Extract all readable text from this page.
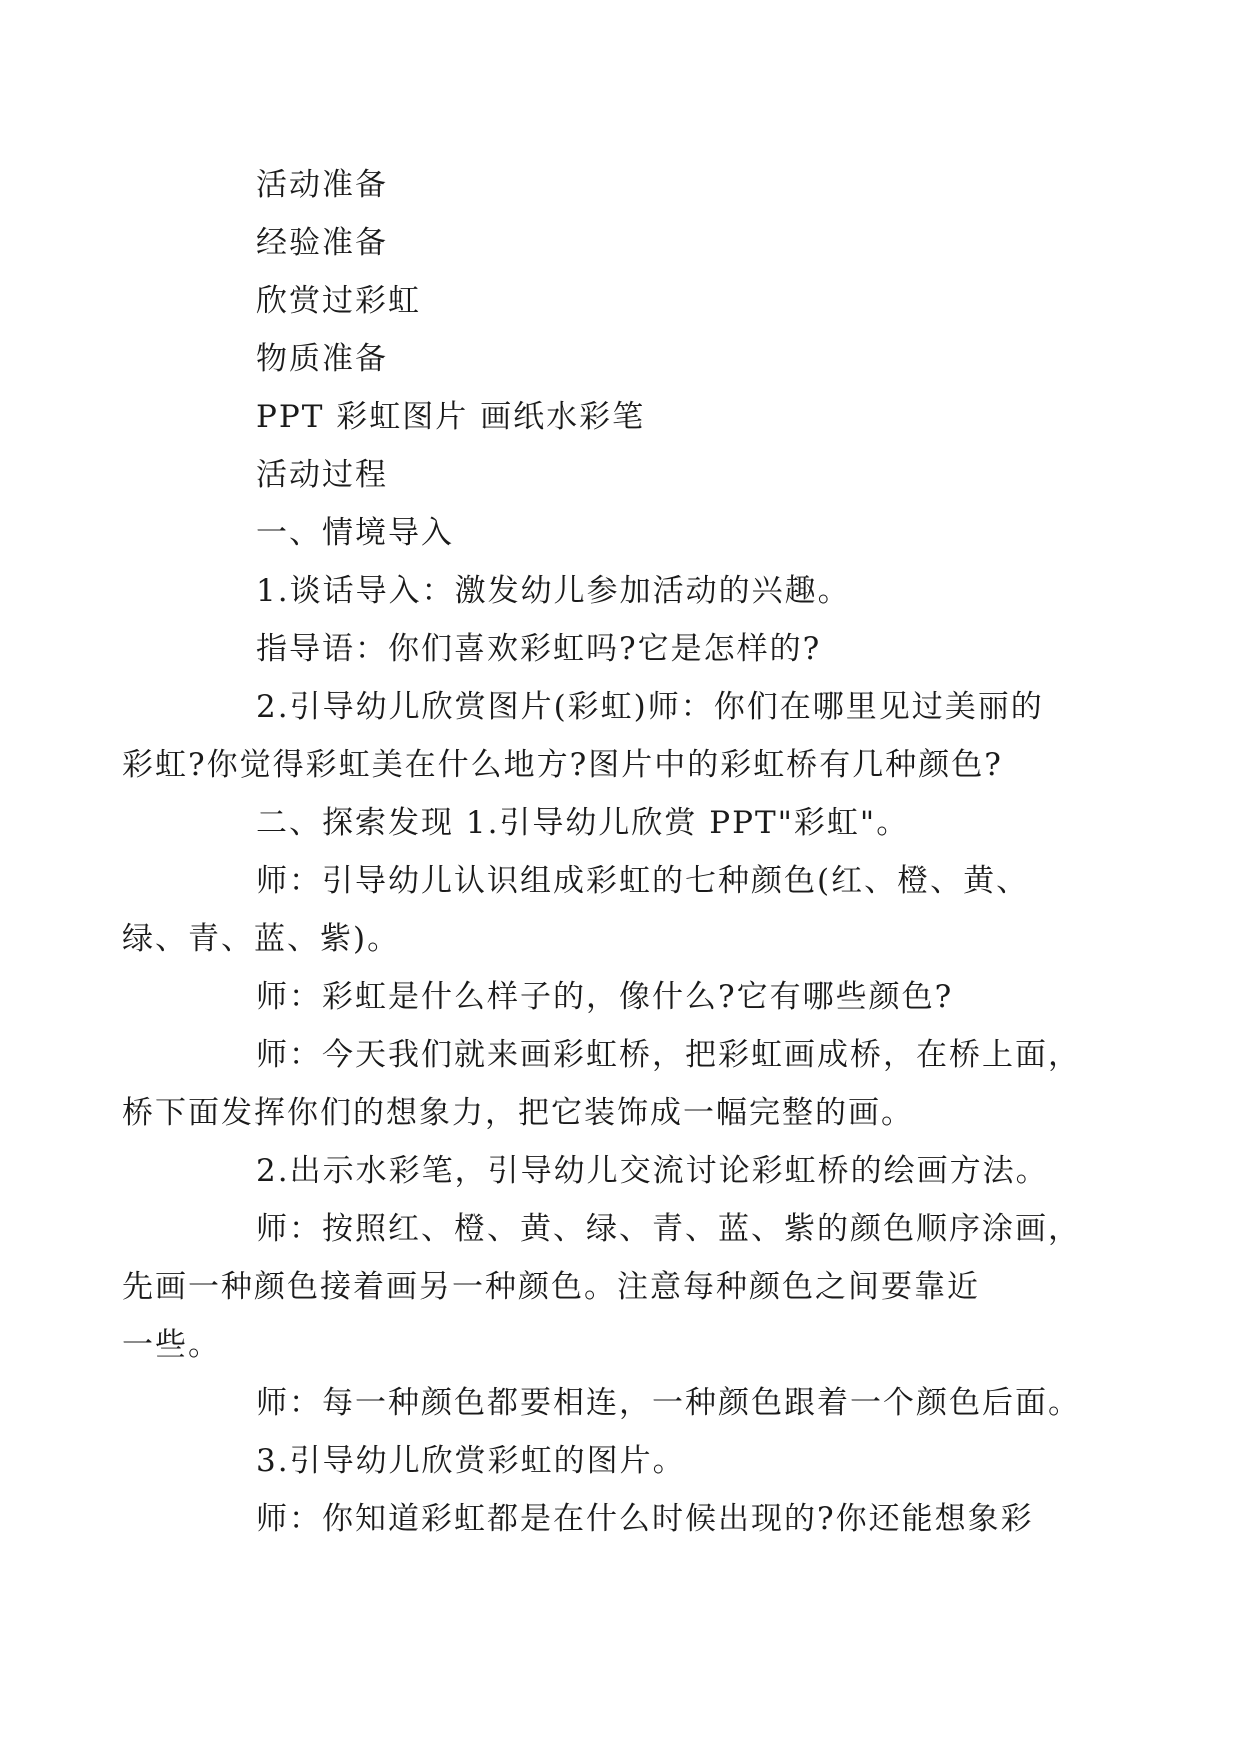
活动准备

经验准备

欣赏过彩虹

物质准备

PPT 彩虹图片 画纸水彩笔

活动过程

一、情境导入

1.谈话导入：激发幼儿参加活动的兴趣。

指导语：你们喜欢彩虹吗?它是怎样的?

2.引导幼儿欣赏图片(彩虹)师：你们在哪里见过美丽的
彩虹?你觉得彩虹美在什么地方?图片中的彩虹桥有几种颜色?

二、探索发现 1.引导幼儿欣赏 PPT"彩虹"。

师：引导幼儿认识组成彩虹的七种颜色(红、橙、黄、
绿、青、蓝、紫)。

师：彩虹是什么样子的，像什么?它有哪些颜色?

师：今天我们就来画彩虹桥，把彩虹画成桥，在桥上面，
桥下面发挥你们的想象力，把它装饰成一幅完整的画。

2.出示水彩笔，引导幼儿交流讨论彩虹桥的绘画方法。

师：按照红、橙、黄、绿、青、蓝、紫的颜色顺序涂画，
先画一种颜色接着画另一种颜色。注意每种颜色之间要靠近
一些。

师：每一种颜色都要相连，一种颜色跟着一个颜色后面。

3.引导幼儿欣赏彩虹的图片。

师：你知道彩虹都是在什么时候出现的?你还能想象彩
